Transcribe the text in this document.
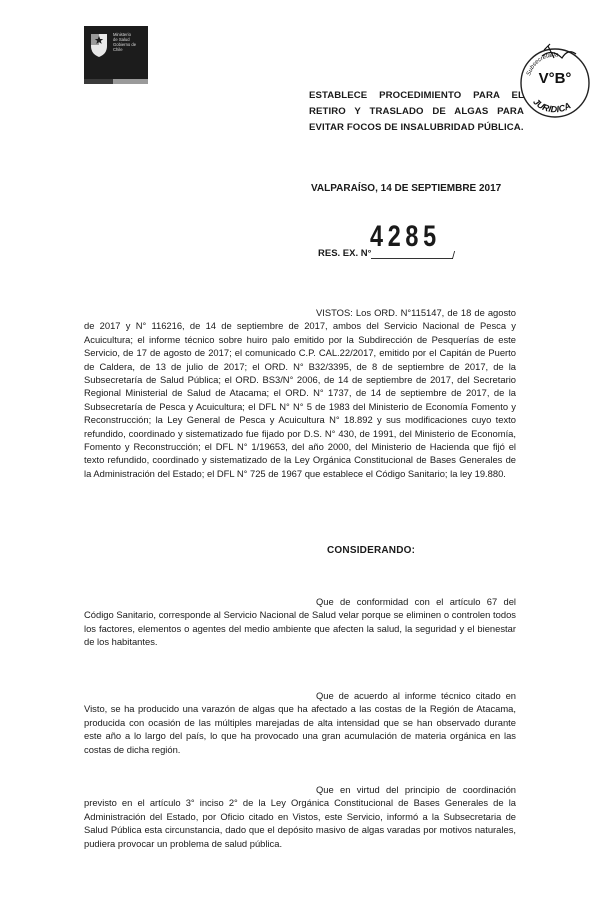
Ministerio
de Salud
Gobierno de Chile
V°B°
Subsecretaría
JURIDICA
ESTABLECE PROCEDIMIENTO PARA EL RETIRO Y TRASLADO DE ALGAS PARA EVITAR FOCOS DE INSALUBRIDAD PÚBLICA.
VALPARAÍSO, 14 DE SEPTIEMBRE 2017
RES. EX. N°
4285
/
VISTOS: Los ORD. N°115147, de 18 de agosto de 2017 y N° 116216, de 14 de septiembre de 2017, ambos del Servicio Nacional de Pesca y Acuicultura; el informe técnico sobre huiro palo emitido por la Subdirección de Pesquerías de este Servicio, de 17 de agosto de 2017; el comunicado C.P. CAL.22/2017, emitido por el Capitán de Puerto de Caldera, de 13 de julio de 2017; el ORD. N° B32/3395, de 8 de septiembre de 2017, de la Subsecretaría de Salud Pública; el ORD. BS3/N° 2006, de 14 de septiembre de 2017, del Secretario Regional Ministerial de Salud de Atacama; el ORD. N° 1737, de 14 de septiembre de 2017, de la Subsecretaría de Pesca y Acuicultura; el DFL N° N° 5 de 1983 del Ministerio de Economía Fomento y Reconstrucción; la Ley General de Pesca y Acuicultura N° 18.892 y sus modificaciones cuyo texto refundido, coordinado y sistematizado fue fijado por D.S. N° 430, de 1991, del Ministerio de Economía, Fomento y Reconstrucción; el DFL N° 1/19653, del año 2000, del Ministerio de Hacienda que fijó el texto refundido, coordinado y sistematizado de la Ley Orgánica Constitucional de Bases Generales de la Administración del Estado; el DFL N° 725 de 1967 que establece el Código Sanitario; la ley 19.880.
CONSIDERANDO:
Que de conformidad con el artículo 67 del Código Sanitario, corresponde al Servicio Nacional de Salud velar porque se eliminen o controlen todos los factores, elementos o agentes del medio ambiente que afecten la salud, la seguridad y el bienestar de los habitantes.
Que de acuerdo al informe técnico citado en Visto, se ha producido una varazón de algas que ha afectado a las costas de la Región de Atacama, producida con ocasión de las múltiples marejadas de alta intensidad que se han observado durante este año a lo largo del país, lo que ha provocado una gran acumulación de materia orgánica en las costas de dicha región.
Que en virtud del principio de coordinación previsto en el artículo 3° inciso 2° de la Ley Orgánica Constitucional de Bases Generales de la Administración del Estado, por Oficio citado en Vistos, este Servicio, informó a la Subsecretaria de Salud Pública esta circunstancia, dado que el depósito masivo de algas varadas por motivos naturales, pudiera provocar un problema de salud pública.
